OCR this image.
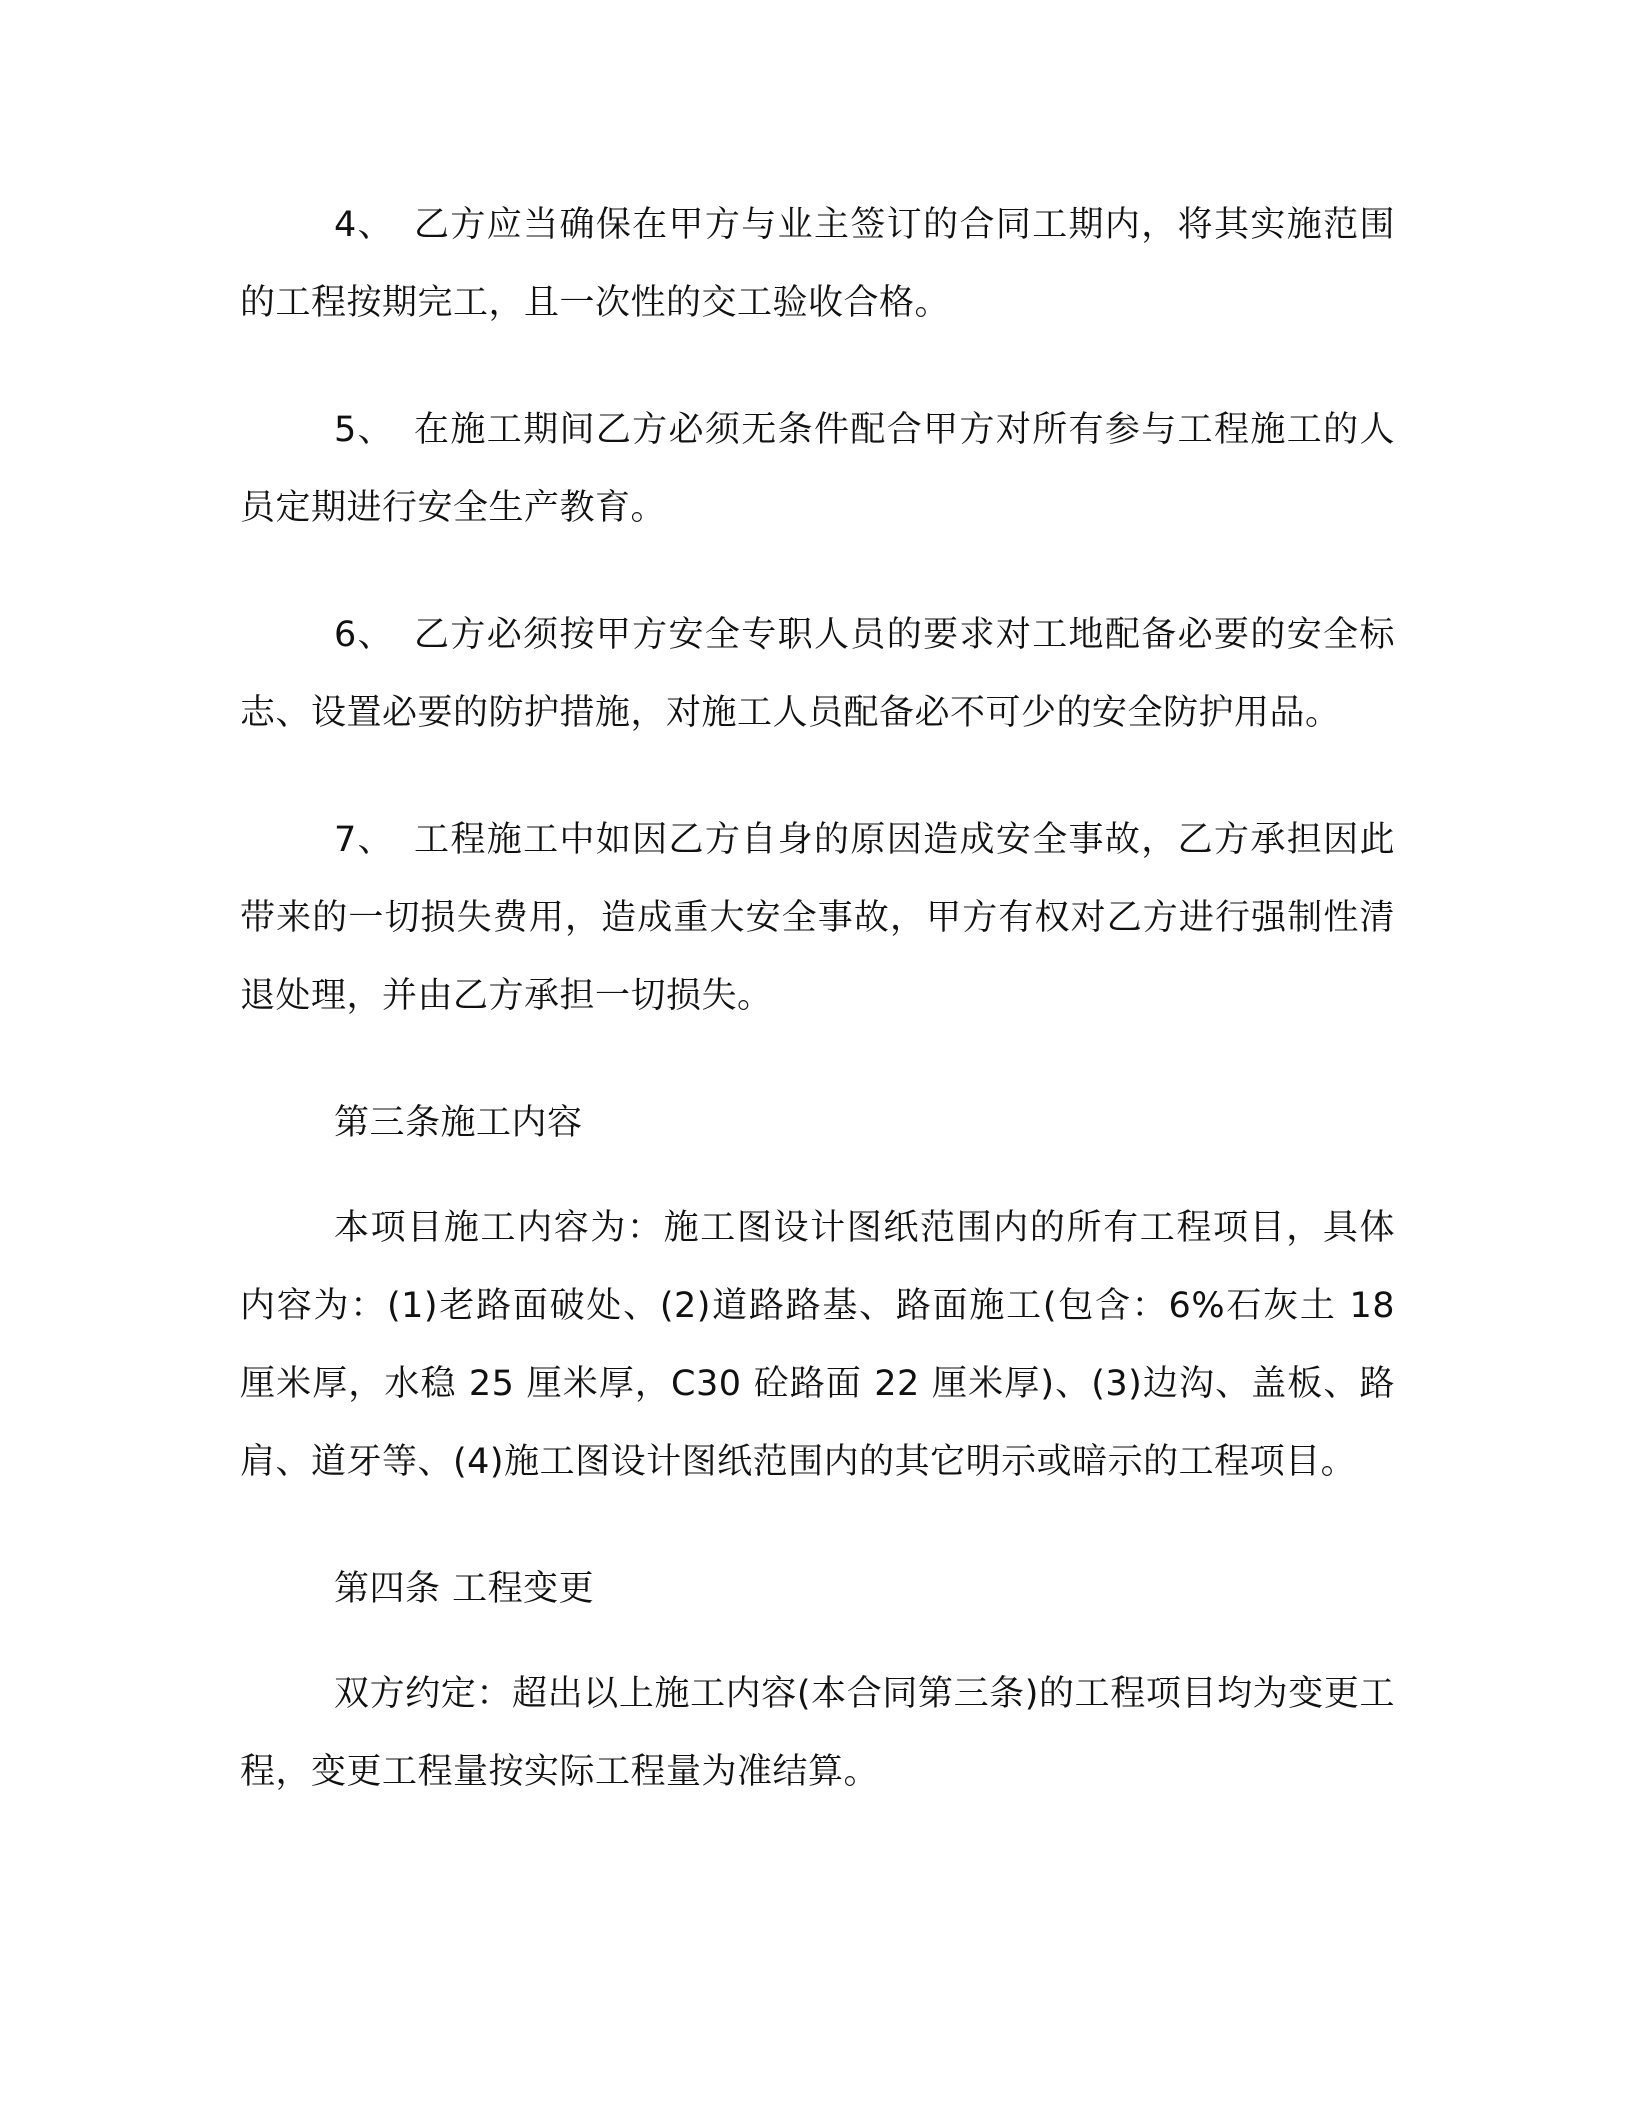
4、 乙方应当确保在甲方与业主签订的合同工期内，将其实施范围的工程按期完工，且一次性的交工验收合格。

5、 在施工期间乙方必须无条件配合甲方对所有参与工程施工的人员定期进行安全生产教育。

6、 乙方必须按甲方安全专职人员的要求对工地配备必要的安全标志、设置必要的防护措施，对施工人员配备必不可少的安全防护用品。

7、 工程施工中如因乙方自身的原因造成安全事故，乙方承担因此带来的一切损失费用，造成重大安全事故，甲方有权对乙方进行强制性清退处理，并由乙方承担一切损失。

第三条施工内容

本项目施工内容为：施工图设计图纸范围内的所有工程项目，具体内容为：(1)老路面破处、(2)道路路基、路面施工(包含：6%石灰土 18 厘米厚，水稳 25 厘米厚，C30 砼路面 22 厘米厚)、(3)边沟、盖板、路肩、道牙等、(4)施工图设计图纸范围内的其它明示或暗示的工程项目。

第四条 工程变更

双方约定：超出以上施工内容(本合同第三条)的工程项目均为变更工程，变更工程量按实际工程量为准结算。
